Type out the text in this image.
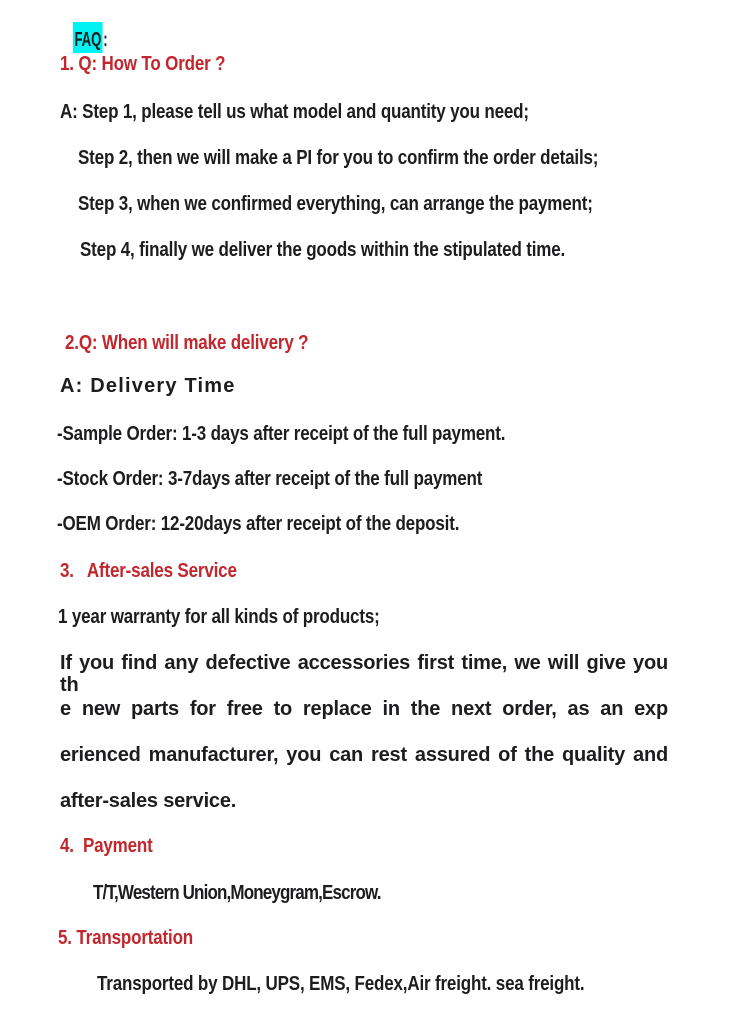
FAQ:

1. Q: How To Order ?
A: Step 1, please tell us what model and quantity you need;
Step 2, then we will make a PI for you to confirm the order details;
Step 3, when we confirmed everything, can arrange the payment;
Step 4, finally we deliver the goods within the stipulated time.
2.Q: When will make delivery ?
A: Delivery Time
-Sample Order: 1-3 days after receipt of the full payment.
-Stock Order: 3-7days after receipt of the full payment
-OEM Order: 12-20days after receipt of the deposit.
3.   After-sales Service
1 year warranty for all kinds of products;
If you find any defective accessories first time, we will give you th
e new parts for free to replace in the next order, as an exp
erienced manufacturer, you can rest assured of the quality and
after-sales service.
4.  Payment
T/T,Western Union,Moneygram,Escrow.
5. Transportation
Transported by DHL, UPS, EMS, Fedex,Air freight. sea freight.
